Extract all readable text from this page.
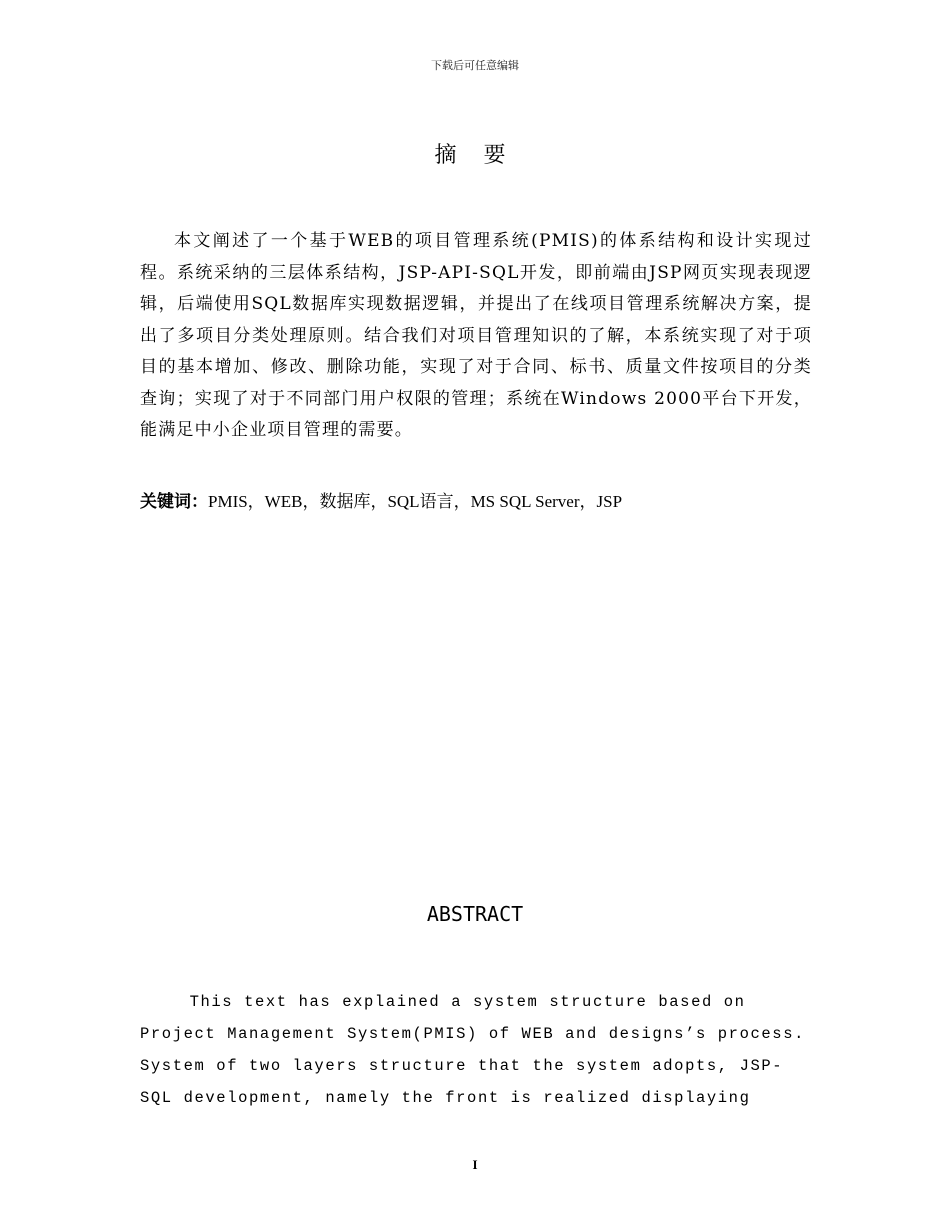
下载后可任意编辑
摘 要

本文阐述了一个基于WEB的项目管理系统(PMIS)的体系结构和设计实现过程。系统采纳的三层体系结构，JSP-API-SQL开发，即前端由JSP网页实现表现逻辑，后端使用SQL数据库实现数据逻辑，并提出了在线项目管理系统解决方案，提出了多项目分类处理原则。结合我们对项目管理知识的了解，本系统实现了对于项目的基本增加、修改、删除功能，实现了对于合同、标书、质量文件按项目的分类查询；实现了对于不同部门用户权限的管理；系统在Windows 2000平台下开发，能满足中小企业项目管理的需要。

关键词：PMIS，WEB，数据库，SQL语言，MS SQL Server，JSP
ABSTRACT
This text has explained a system structure based on
Project Management System(PMIS) of WEB and designs’s process.
System of two layers structure that the system adopts, JSP-
SQL development, namely the front is realized displaying
I
